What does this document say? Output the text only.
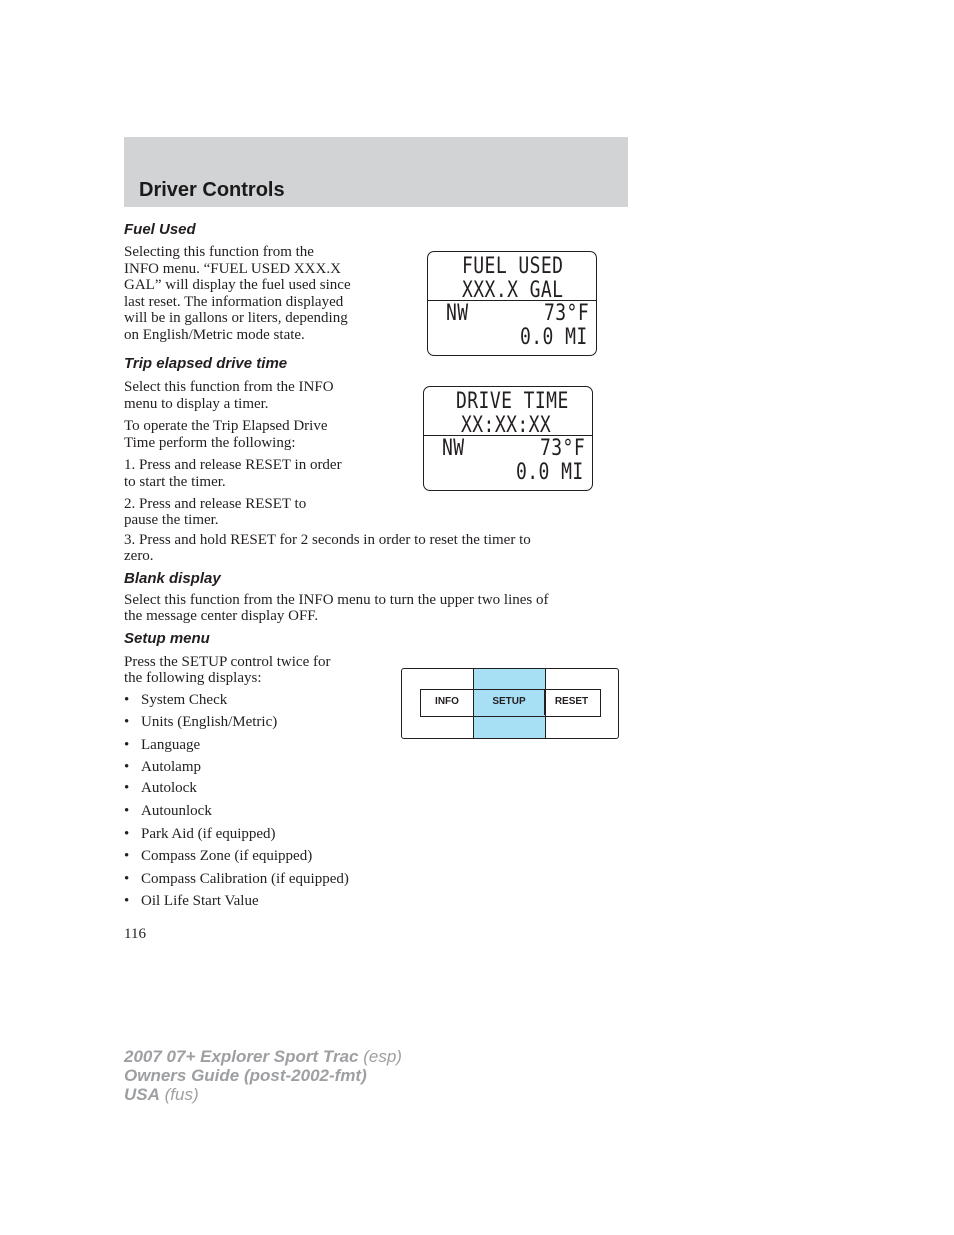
Driver Controls
Fuel Used

Selecting this function from the

INFO menu. “FUEL USED XXX.X

GAL” will display the fuel used since

last reset. The information displayed

will be in gallons or liters, depending

on English/Metric mode state.

FUEL USED
XXX.X GAL
NW	73°F
0.0 MI
Trip elapsed drive time

Select this function from the INFO

menu to display a timer.

To operate the Trip Elapsed Drive

Time perform the following:

1. Press and release RESET in order

to start the timer.

2. Press and release RESET to

pause the timer.

3. Press and hold RESET for 2 seconds in order to reset the timer to

zero.

DRIVE TIME
XX:XX:XX
NW	73°F
0.0 MI
Blank display

Select this function from the INFO menu to turn the upper two lines of

the message center display OFF.

Setup menu

Press the SETUP control twice for

the following displays:

• System Check
• Units (English/Metric)
• Language
• Autolamp
• Autolock
• Autounlock
• Park Aid (if equipped)
• Compass Zone (if equipped)
• Compass Calibration (if equipped)
• Oil Life Start Value
INFO	SETUP	RESET

116

2007 07+ Explorer Sport Trac (esp)
Owners Guide (post-2002-fmt)
USA (fus)
